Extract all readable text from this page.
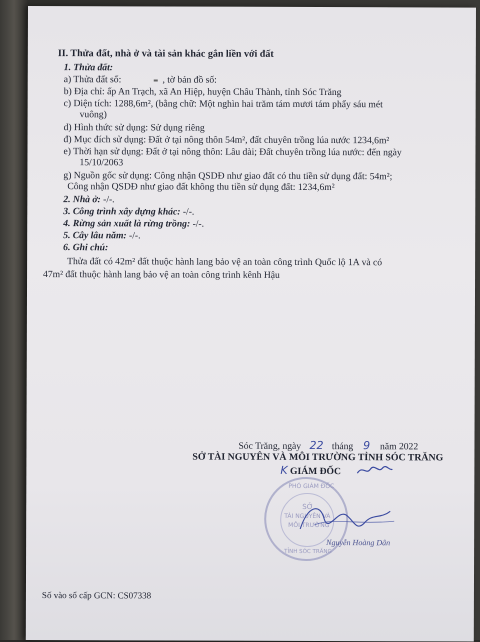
II. Thửa đất, nhà ở và tài sản khác gắn liền với đất
1. Thửa đất:
a) Thửa đất số:	, tờ bản đồ số:
b) Địa chỉ: ấp An Trạch, xã An Hiệp, huyện Châu Thành, tỉnh Sóc Trăng
c) Diện tích: 1288,6m², (bằng chữ: Một nghìn hai trăm tám mươi tám phẩy sáu mét
vuông)
d) Hình thức sử dụng: Sử dụng riêng
đ) Mục đích sử dụng: Đất ở tại nông thôn 54m², đất chuyên trồng lúa nước 1234,6m²
e) Thời hạn sử dụng: Đất ở tại nông thôn: Lâu dài; Đất chuyên trồng lúa nước: đến ngày
15/10/2063
g) Nguồn gốc sử dụng: Công nhận QSDĐ như giao đất có thu tiền sử dụng đất: 54m²;
Công nhận QSDĐ như giao đất không thu tiền sử dụng đất: 1234,6m²
2. Nhà ở: -/-.
3. Công trình xây dựng khác: -/-.
4. Rừng sản xuất là rừng trồng: -/-.
5. Cây lâu năm: -/-.
6. Ghi chú:
Thửa đất có 42m² đất thuộc hành lang bảo vệ an toàn công trình Quốc lộ 1A và có
47m² đất thuộc hành lang bảo vệ an toàn công trình kênh Hậu
Sóc Trăng, ngày 22 tháng 9 năm 2022
SỞ TÀI NGUYÊN VÀ MÔI TRƯỜNG TỈNH SÓC TRĂNG
K GIÁM ĐỐC
PHÓ GIÁM ĐỐC
SỞ
TÀI NGUYÊN VÀ
MÔI TRƯỜNG
TỈNH SÓC TRĂNG
Nguyễn Hoàng Dân
Số vào sổ cấp GCN: CS07338
